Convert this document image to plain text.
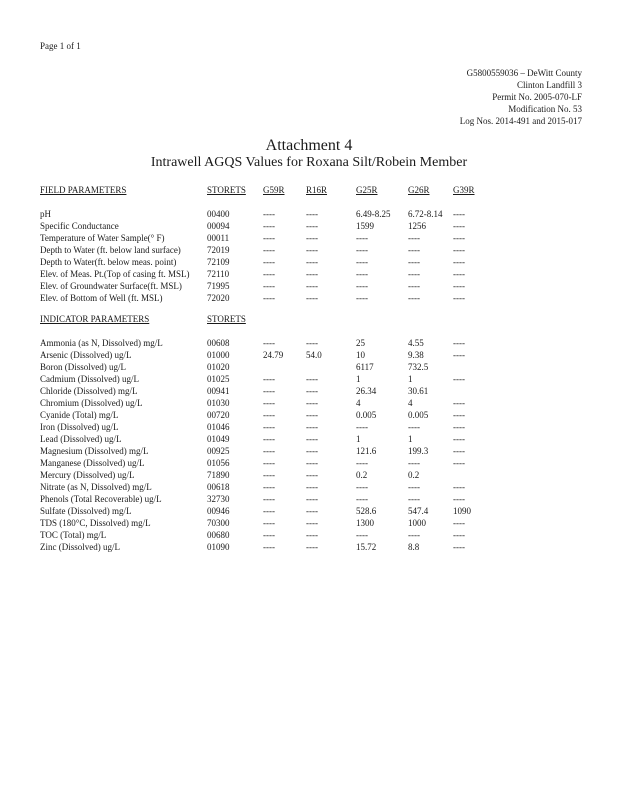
Page 1 of 1
G5800559036 – DeWitt County
Clinton Landfill 3
Permit No. 2005-070-LF
Modification No. 53
Log Nos. 2014-491 and 2015-017
Attachment 4
Intrawell AGQS Values for Roxana Silt/Robein Member
FIELD PARAMETERS	STORETS	G59R	R16R	G25R	G26R	G39R

pH	00400	----	----	6.49-8.25	6.72-8.14	----
Specific Conductance	00094	----	----	1599	1256	----
Temperature of Water Sample(° F)	00011	----	----	----	----	----
Depth to Water (ft. below land surface)	72019	----	----	----	----	----
Depth to Water(ft. below meas. point)	72109	----	----	----	----	----
Elev. of Meas. Pt.(Top of casing ft. MSL)	72110	----	----	----	----	----
Elev. of Groundwater Surface(ft. MSL)	71995	----	----	----	----	----
Elev. of Bottom of Well (ft. MSL)	72020	----	----	----	----	----
INDICATOR PARAMETERS	STORETS					

Ammonia (as N, Dissolved) mg/L	00608	----	----	25	4.55	----
Arsenic (Dissolved) ug/L	01000	24.79	54.0	10	9.38	----
Boron (Dissolved) ug/L	01020			6117	732.5	
Cadmium (Dissolved) ug/L	01025	----	----	1	1	----
Chloride (Dissolved) mg/L	00941	----	----	26.34	30.61	
Chromium (Dissolved) ug/L	01030	----	----	4	4	----
Cyanide (Total) mg/L	00720	----	----	0.005	0.005	----
Iron (Dissolved) ug/L	01046	----	----	----	----	----
Lead (Dissolved) ug/L	01049	----	----	1	1	----
Magnesium (Dissolved) mg/L	00925	----	----	121.6	199.3	----
Manganese (Dissolved) ug/L	01056	----	----	----	----	----
Mercury (Dissolved) ug/L	71890	----	----	0.2	0.2	
Nitrate (as N, Dissolved) mg/L	00618	----	----	----	----	----
Phenols (Total Recoverable) ug/L	32730	----	----	----	----	----
Sulfate (Dissolved) mg/L	00946	----	----	528.6	547.4	1090
TDS (180°C, Dissolved) mg/L	70300	----	----	1300	1000	----
TOC (Total) mg/L	00680	----	----	----	----	----
Zinc (Dissolved) ug/L	01090	----	----	15.72	8.8	----
